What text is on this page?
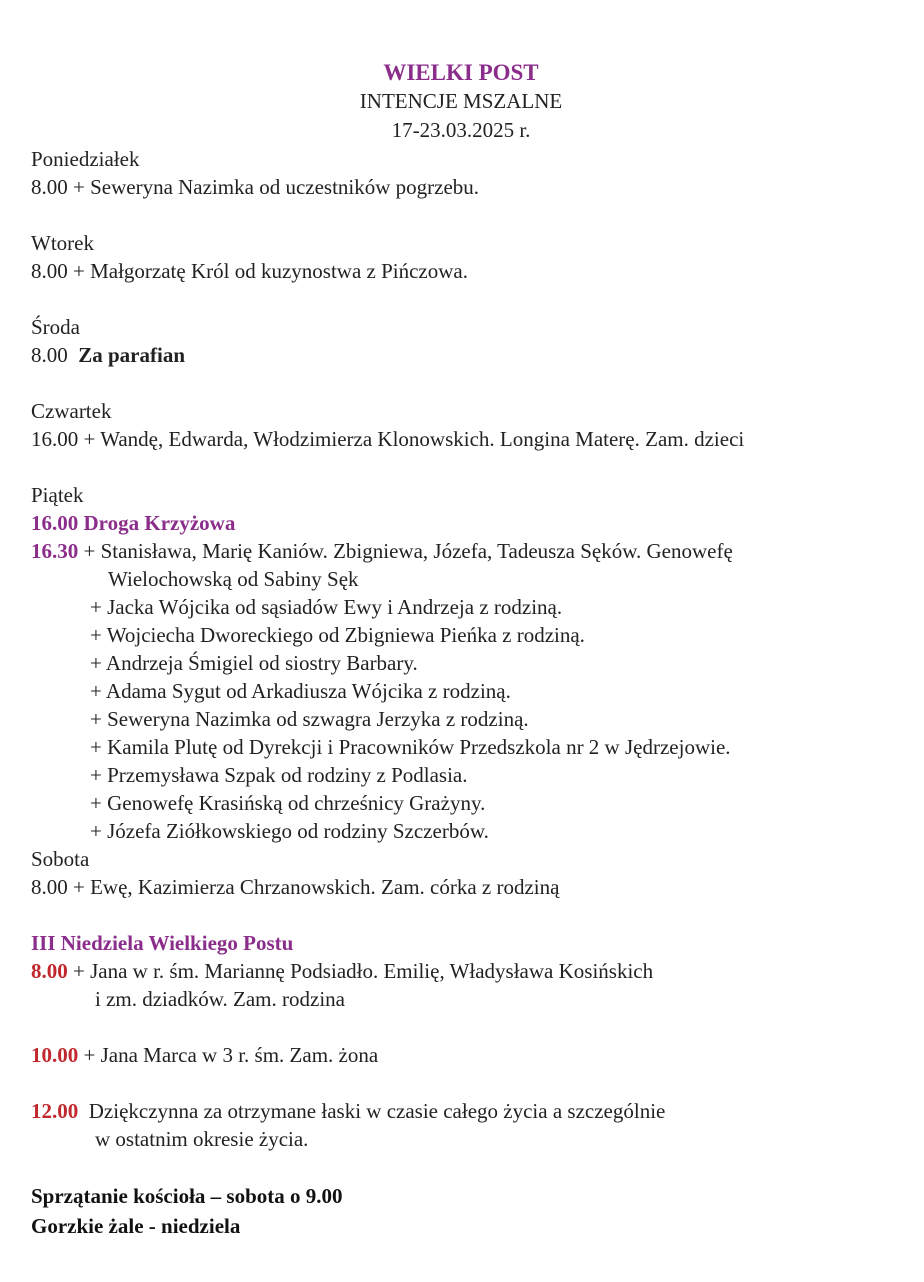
WIELKI POST
INTENCJE MSZALNE
17-23.03.2025 r.
Poniedziałek
8.00 + Seweryna Nazimka od uczestników pogrzebu.
Wtorek
8.00 + Małgorzatę Król od kuzynostwa z Pińczowa.
Środa
8.00 Za parafian
Czwartek
16.00 + Wandę, Edwarda, Włodzimierza Klonowskich. Longina Materę. Zam. dzieci
Piątek
16.00 Droga Krzyżowa
16.30 + Stanisława, Marię Kaniów. Zbigniewa, Józefa, Tadeusza Sęków. Genowefę
Wielochowską od Sabiny Sęk
+ Jacka Wójcika od sąsiadów Ewy i Andrzeja z rodziną.
+ Wojciecha Dworeckiego od Zbigniewa Pieńka z rodziną.
+ Andrzeja Śmigiel od siostry Barbary.
+ Adama Sygut od Arkadiusza Wójcika z rodziną.
+ Seweryna Nazimka od szwagra Jerzyka z rodziną.
+ Kamila Plutę od Dyrekcji i Pracowników Przedszkola nr 2 w Jędrzejowie.
+ Przemysława Szpak od rodziny z Podlasia.
+ Genowefę Krasińską od chrześnicy Grażyny.
+ Józefa Ziółkowskiego od rodziny Szczerbów.
Sobota
8.00 + Ewę, Kazimierza Chrzanowskich. Zam. córka z rodziną
III Niedziela Wielkiego Postu
8.00 + Jana w r. śm. Mariannę Podsiadło. Emilię, Władysława Kosińskich
i zm. dziadków. Zam. rodzina
10.00 + Jana Marca w 3 r. śm. Zam. żona
12.00  Dziękczynna za otrzymane łaski w czasie całego życia a szczególnie
w ostatnim okresie życia.
Sprzątanie kościoła – sobota o 9.00
Gorzkie żale - niedziela
